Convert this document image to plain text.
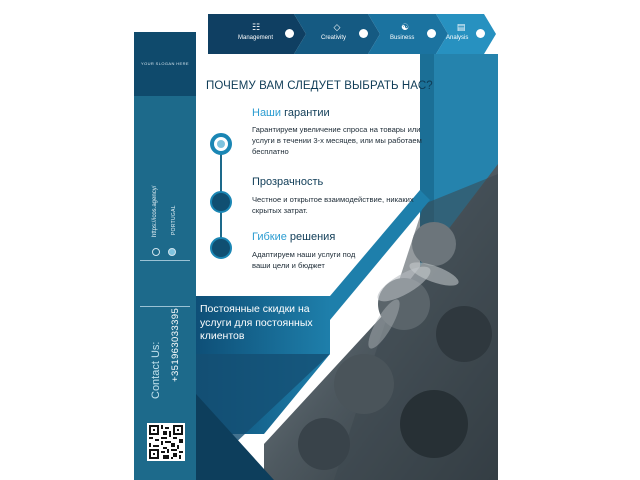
YOUR SLOGAN HERE
https://icos.agency/	PORTUGAL
Contact Us: +351963033395
☷
Management
◇
Creativity
☯
Business
▤
Analysis
ПОЧЕМУ ВАМ СЛЕДУЕТ ВЫБРАТЬ НАС?
Наши гарантии
Гарантируем увеличение спроса на товары или услуги в течении 3-х месяцев, или мы работаем бесплатно
Прозрачность
Честное и открытое взаимодействие, никаких скрытых затрат.
Гибкие решения
Адаптируем наши услуги под ваши цели и бюджет
Постоянные скидки на услуги для постоянных клиентов
